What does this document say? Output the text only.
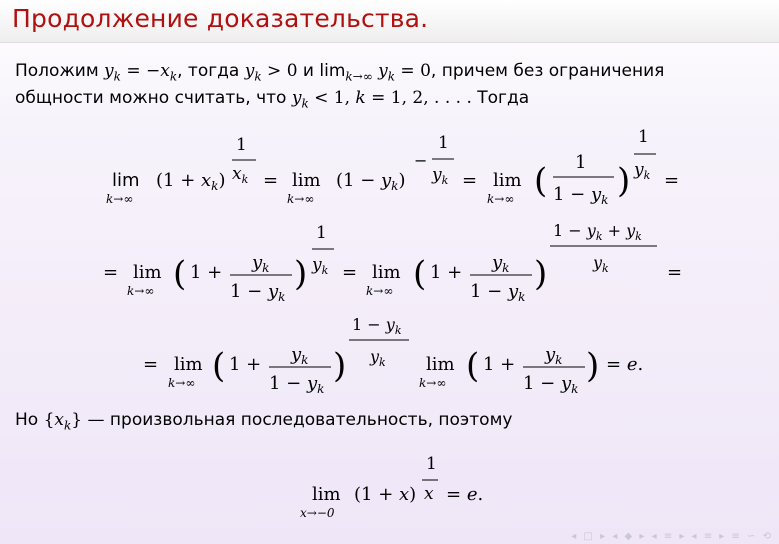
Продолжение доказательства.
Положим $y_k = -x_k$, тогда $y_k > 0$ и $\lim_{k\to\infty} y_k = 0$, причем без ограничения
общности можно считать, что $y_k < 1$, k = 1, 2, . . . . Тогда
lim
k→∞
$(1 + x_k)$
1
$x_k = \lim$
k→∞
$(1 - y_k)$
−
1
$y_k = \lim$
k→∞ ( 1
$1 - y_k$ )
1
$y_k$ =
= lim
k→∞ ( $1 + y_k$
$1 - y_k$
)
1
$y_k = \lim$
k→∞ ( $1 + y_k$
$1 - y_k$
)
$1 - y_k + y_k$
$y_k$	=
= lim
k→∞ ( $1 + y_k$
$1 - y_k$
)
$1 - y_k$
$y_k$ lim
k→∞ ( $1 + y_k$
$1 - y_k$
) = e.
lim
x→−0
(1 + x)
1
x = e.
Но $\{x_k\}$ — произвольная последовательность, поэтому
◂ □ ▸ ◂ ◆ ▸ ◂ ≡ ▸ ◂ ≡ ▸ ≡ ∽ ⟲
